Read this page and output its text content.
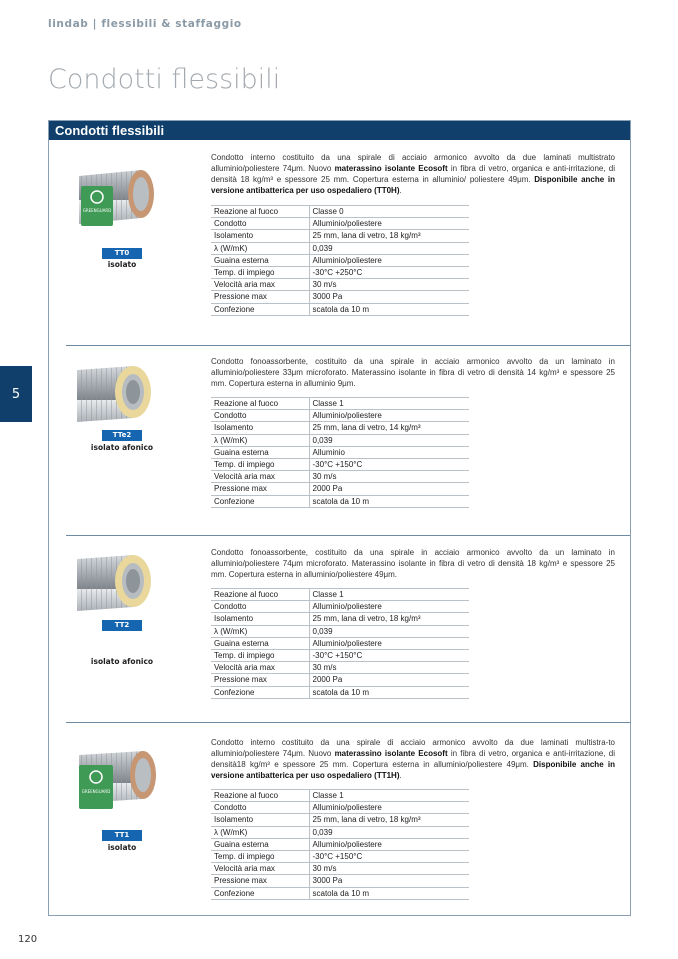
lindab | flessibili & staffaggio
Condotti flessibili
5
Condotti flessibili
GREENGUARD
TT0
isolato
Condotto interno costituito da una spirale di acciaio armonico avvolto da due laminati multistrato alluminio/poliestere 74μm. Nuovo materassino isolante Ecosoft in fibra di vetro, organica e anti-irritazione, di densità 18 kg/m³ e spessore 25 mm. Copertura esterna in alluminio/ poliestere 49μm. Disponibile anche in versione antibatterica per uso ospedaliero (TT0H).
Reazione al fuoco	Classe 0
Condotto	Alluminio/poliestere
Isolamento	25 mm, lana di vetro, 18 kg/m³
λ (W/mK)	0,039
Guaina esterna	Alluminio/poliestere
Temp. di impiego	-30°C +250°C
Velocità aria max	30 m/s
Pressione max	3000 Pa
Confezione	scatola da 10 m
TTe2
isolato afonico
Condotto fonoassorbente, costituito da una spirale in acciaio armonico avvolto da un laminato in alluminio/poliestere 33μm microforato. Materassino isolante in fibra di vetro di densità 14 kg/m³ e spessore 25 mm. Copertura esterna in alluminio 9μm.
Reazione al fuoco	Classe 1
Condotto	Alluminio/poliestere
Isolamento	25 mm, lana di vetro, 14 kg/m³
λ (W/mK)	0,039
Guaina esterna	Alluminio
Temp. di impiego	-30°C +150°C
Velocità aria max	30 m/s
Pressione max	2000 Pa
Confezione	scatola da 10 m
TT2
isolato afonico
Condotto fonoassorbente, costituito da una spirale in acciaio armonico avvolto da un laminato in alluminio/poliestere 74μm microforato. Materassino isolante in fibra di vetro di densità 18 kg/m³ e spessore 25 mm. Copertura esterna in alluminio/poliestere 49μm.
Reazione al fuoco	Classe 1
Condotto	Alluminio/poliestere
Isolamento	25 mm, lana di vetro, 18 kg/m³
λ (W/mK)	0,039
Guaina esterna	Alluminio/poliestere
Temp. di impiego	-30°C +150°C
Velocità aria max	30 m/s
Pressione max	2000 Pa
Confezione	scatola da 10 m
GREENGUARD
TT1
isolato
Condotto interno costituito da una spirale di acciaio armonico avvolto da due laminati multistra-to alluminio/poliestere 74μm. Nuovo materassino isolante Ecosoft in fibra di vetro, organica e anti-irritazione, di densità18 kg/m³ e spessore 25 mm. Copertura esterna in alluminio/poliestere 49μm. Disponibile anche in versione antibatterica per uso ospedaliero (TT1H).
Reazione al fuoco	Classe 1
Condotto	Alluminio/poliestere
Isolamento	25 mm, lana di vetro, 18 kg/m³
λ (W/mK)	0,039
Guaina esterna	Alluminio/poliestere
Temp. di impiego	-30°C +150°C
Velocità aria max	30 m/s
Pressione max	3000 Pa
Confezione	scatola da 10 m
120
